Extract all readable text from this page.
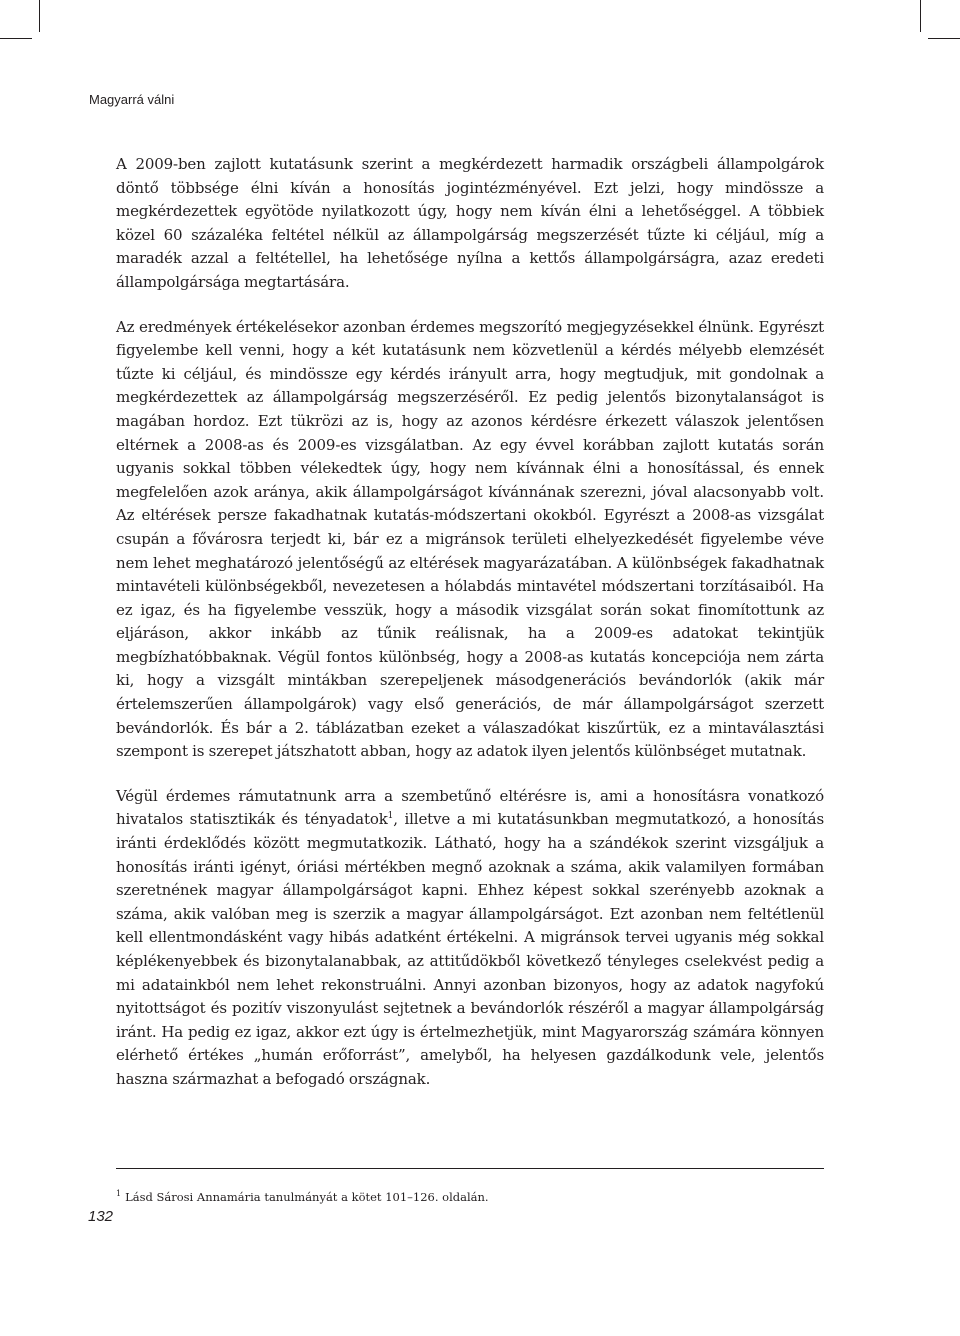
Magyarrá válni

A 2009-ben zajlott kutatásunk szerint a megkérdezett harmadik országbeli állampolgárok döntő többsége élni kíván a honosítás jogintézményével. Ezt jelzi, hogy mindössze a megkérdezettek egyötöde nyilatkozott úgy, hogy nem kíván élni a lehetőséggel. A többiek közel 60 százaléka feltétel nélkül az állampolgárság megszerzését tűzte ki céljául, míg a maradék azzal a feltétellel, ha lehetősége nyílna a kettős állampolgárságra, azaz eredeti állampolgársága megtartására.

Az eredmények értékelésekor azonban érdemes megszorító megjegyzésekkel élnünk. Egyrészt figyelembe kell venni, hogy a két kutatásunk nem közvetlenül a kérdés mélyebb elemzését tűzte ki céljául, és mindössze egy kérdés irányult arra, hogy megtudjuk, mit gondolnak a megkérdezettek az állampolgárság megszerzéséről. Ez pedig jelentős bizonytalanságot is magában hordoz. Ezt tükrözi az is, hogy az azonos kérdésre érkezett válaszok jelentősen eltérnek a 2008-as és 2009-es vizsgálatban. Az egy évvel korábban zajlott kutatás során ugyanis sokkal többen vélekedtek úgy, hogy nem kívánnak élni a honosítással, és ennek megfelelően azok aránya, akik állampolgárságot kívánnának szerezni, jóval alacsonyabb volt. Az eltérések persze fakadhatnak kutatás-módszertani okokból. Egyrészt a 2008-as vizsgálat csupán a fővárosra terjedt ki, bár ez a migránsok területi elhelyezkedését figyelembe véve nem lehet meghatározó jelentőségű az eltérések magyarázatában. A különbségek fakadhatnak mintavételi különbségekből, nevezetesen a hólabdás mintavétel módszertani torzításaiból. Ha ez igaz, és ha figyelembe vesszük, hogy a második vizsgálat során sokat finomítottunk az eljáráson, akkor inkább az tűnik reálisnak, ha a 2009-es adatokat tekintjük megbízhatóbbaknak. Végül fontos különbség, hogy a 2008-as kutatás koncepciója nem zárta ki, hogy a vizsgált mintákban szerepeljenek másodgenerációs bevándorlók (akik már értelemszerűen állampolgárok) vagy első generációs, de már állampolgárságot szerzett bevándorlók. És bár a 2. táblázatban ezeket a válaszadókat kiszűrtük, ez a mintaválasztási szempont is szerepet játszhatott abban, hogy az adatok ilyen jelentős különbséget mutatnak.

Végül érdemes rámutatnunk arra a szembetűnő eltérésre is, ami a honosításra vonatkozó hivatalos statisztikák és tényadatok$^1$, illetve a mi kutatásunkban megmutatkozó, a honosítás iránti érdeklődés között megmutatkozik. Látható, hogy ha a szándékok szerint vizsgáljuk a honosítás iránti igényt, óriási mértékben megnő azoknak a száma, akik valamilyen formában szeretnének magyar állampolgárságot kapni. Ehhez képest sokkal szerényebb azoknak a száma, akik valóban meg is szerzik a magyar állampolgárságot. Ezt azonban nem feltétlenül kell ellentmondásként vagy hibás adatként értékelni. A migránsok tervei ugyanis még sokkal képlékenyebbek és bizonytalanabbak, az attitűdökből következő tényleges cselekvést pedig a mi adatainkból nem lehet rekonstruálni. Annyi azonban bizonyos, hogy az adatok nagyfokú nyitottságot és pozitív viszonyulást sejtetnek a bevándorlók részéről a magyar állampolgárság iránt. Ha pedig ez igaz, akkor ezt úgy is értelmezhetjük, mint Magyarország számára könnyen elérhető értékes „humán erőforrást”, amelyből, ha helyesen gazdálkodunk vele, jelentős haszna származhat a befogadó országnak.

$^1$ Lásd Sárosi Annamária tanulmányát a kötet 101–126. oldalán.
132
